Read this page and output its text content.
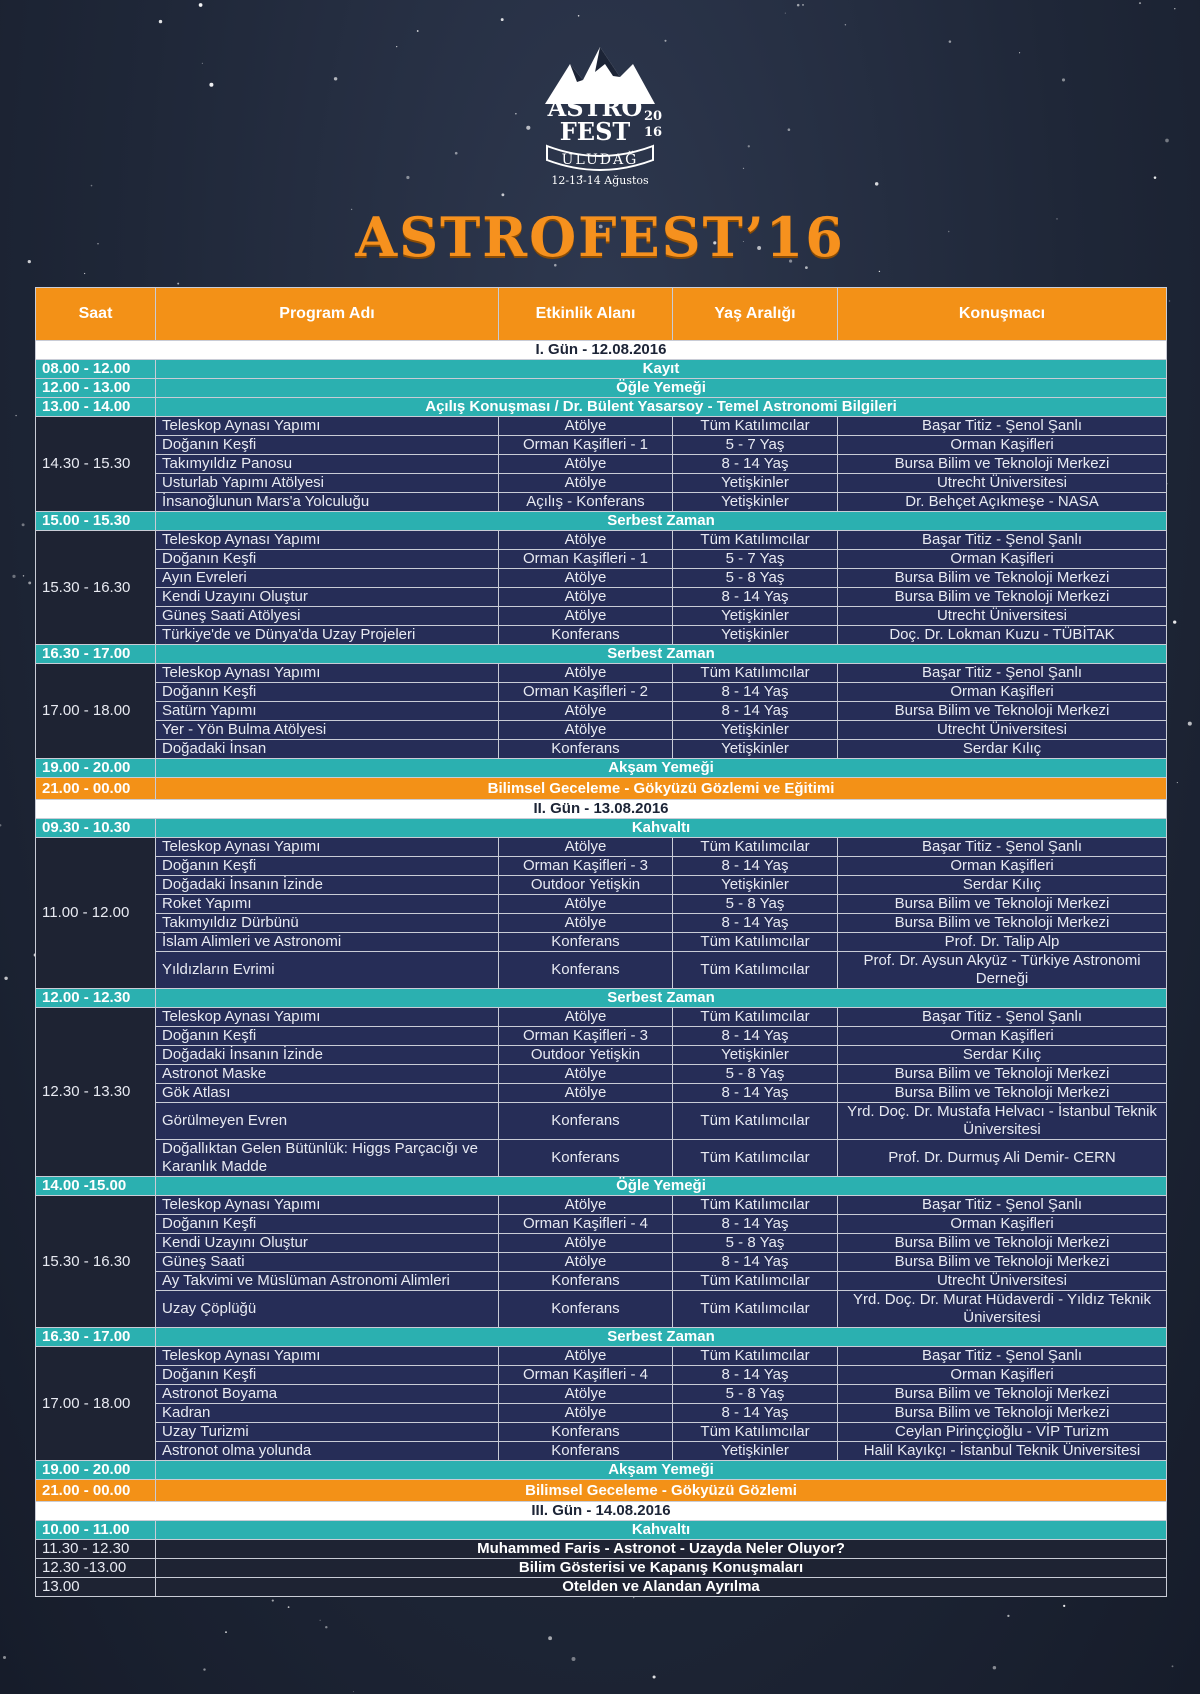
ASTRO
FEST
20
16
ULUDAĞ
12-13-14 Ağustos
ASTROFEST’16
Saat	Program Adı	Etkinlik Alanı	Yaş Aralığı	Konuşmacı
I. Gün - 12.08.2016				
08.00 - 12.00	Kayıt			
12.00 - 13.00	Öğle Yemeği			
13.00 - 14.00	Açılış Konuşması / Dr. Bülent Yasarsoy - Temel Astronomi Bilgileri			
14.30 - 15.30	Teleskop Aynası Yapımı	Atölye	Tüm Katılımcılar	Başar Titiz - Şenol Şanlı
	Doğanın Keşfi	Orman Kaşifleri - 1	5 - 7 Yaş	Orman Kaşifleri
	Takımyıldız Panosu	Atölye	8 - 14 Yaş	Bursa Bilim ve Teknoloji Merkezi
	Usturlab Yapımı Atölyesi	Atölye	Yetişkinler	Utrecht Üniversitesi
	İnsanoğlunun Mars'a Yolculuğu	Açılış - Konferans	Yetişkinler	Dr. Behçet Açıkmeşe - NASA
15.00 - 15.30	Serbest Zaman			
15.30 - 16.30	Teleskop Aynası Yapımı	Atölye	Tüm Katılımcılar	Başar Titiz - Şenol Şanlı
	Doğanın Keşfi	Orman Kaşifleri - 1	5 - 7 Yaş	Orman Kaşifleri
	Ayın Evreleri	Atölye	5 - 8 Yaş	Bursa Bilim ve Teknoloji Merkezi
	Kendi Uzayını Oluştur	Atölye	8 - 14 Yaş	Bursa Bilim ve Teknoloji Merkezi
	Güneş Saati Atölyesi	Atölye	Yetişkinler	Utrecht Üniversitesi
	Türkiye'de ve Dünya'da Uzay Projeleri	Konferans	Yetişkinler	Doç. Dr. Lokman Kuzu - TÜBİTAK
16.30 - 17.00	Serbest Zaman			
17.00 - 18.00	Teleskop Aynası Yapımı	Atölye	Tüm Katılımcılar	Başar Titiz - Şenol Şanlı
	Doğanın Keşfi	Orman Kaşifleri - 2	8 - 14 Yaş	Orman Kaşifleri
	Satürn Yapımı	Atölye	8 - 14 Yaş	Bursa Bilim ve Teknoloji Merkezi
	Yer - Yön Bulma Atölyesi	Atölye	Yetişkinler	Utrecht Üniversitesi
	Doğadaki İnsan	Konferans	Yetişkinler	Serdar Kılıç
19.00 - 20.00	Akşam Yemeği			
21.00 - 00.00	Bilimsel Geceleme - Gökyüzü Gözlemi ve Eğitimi			
II. Gün - 13.08.2016				
09.30 - 10.30	Kahvaltı			
11.00 - 12.00	Teleskop Aynası Yapımı	Atölye	Tüm Katılımcılar	Başar Titiz - Şenol Şanlı
	Doğanın Keşfi	Orman Kaşifleri - 3	8 - 14 Yaş	Orman Kaşifleri
	Doğadaki İnsanın İzinde	Outdoor Yetişkin	Yetişkinler	Serdar Kılıç
	Roket Yapımı	Atölye	5 - 8 Yaş	Bursa Bilim ve Teknoloji Merkezi
	Takımyıldız Dürbünü	Atölye	8 - 14 Yaş	Bursa Bilim ve Teknoloji Merkezi
	İslam Alimleri ve Astronomi	Konferans	Tüm Katılımcılar	Prof. Dr. Talip Alp
	Yıldızların Evrimi	Konferans	Tüm Katılımcılar	Prof. Dr. Aysun Akyüz - Türkiye Astronomi Derneği
12.00 - 12.30	Serbest Zaman			
12.30 - 13.30	Teleskop Aynası Yapımı	Atölye	Tüm Katılımcılar	Başar Titiz - Şenol Şanlı
	Doğanın Keşfi	Orman Kaşifleri - 3	8 - 14 Yaş	Orman Kaşifleri
	Doğadaki İnsanın İzinde	Outdoor Yetişkin	Yetişkinler	Serdar Kılıç
	Astronot Maske	Atölye	5 - 8 Yaş	Bursa Bilim ve Teknoloji Merkezi
	Gök Atlası	Atölye	8 - 14 Yaş	Bursa Bilim ve Teknoloji Merkezi
	Görülmeyen Evren	Konferans	Tüm Katılımcılar	Yrd. Doç. Dr. Mustafa Helvacı - İstanbul Teknik Üniversitesi
	Doğallıktan Gelen Bütünlük: Higgs Parçacığı ve Karanlık Madde	Konferans	Tüm Katılımcılar	Prof. Dr. Durmuş Ali Demir- CERN
14.00 -15.00	Öğle Yemeği			
15.30 - 16.30	Teleskop Aynası Yapımı	Atölye	Tüm Katılımcılar	Başar Titiz - Şenol Şanlı
	Doğanın Keşfi	Orman Kaşifleri - 4	8 - 14 Yaş	Orman Kaşifleri
	Kendi Uzayını Oluştur	Atölye	5 - 8 Yaş	Bursa Bilim ve Teknoloji Merkezi
	Güneş Saati	Atölye	8 - 14 Yaş	Bursa Bilim ve Teknoloji Merkezi
	Ay Takvimi ve Müslüman Astronomi Alimleri	Konferans	Tüm Katılımcılar	Utrecht Üniversitesi
	Uzay Çöplüğü	Konferans	Tüm Katılımcılar	Yrd. Doç. Dr. Murat Hüdaverdi - Yıldız Teknik Üniversitesi
16.30 - 17.00	Serbest Zaman			
17.00 - 18.00	Teleskop Aynası Yapımı	Atölye	Tüm Katılımcılar	Başar Titiz - Şenol Şanlı
	Doğanın Keşfi	Orman Kaşifleri - 4	8 - 14 Yaş	Orman Kaşifleri
	Astronot Boyama	Atölye	5 - 8 Yaş	Bursa Bilim ve Teknoloji Merkezi
	Kadran	Atölye	8 - 14 Yaş	Bursa Bilim ve Teknoloji Merkezi
	Uzay Turizmi	Konferans	Tüm Katılımcılar	Ceylan Pirinççioğlu - VİP Turizm
	Astronot olma yolunda	Konferans	Yetişkinler	Halil Kayıkçı - İstanbul Teknik Üniversitesi
19.00 - 20.00	Akşam Yemeği			
21.00 - 00.00	Bilimsel Geceleme - Gökyüzü Gözlemi			
III. Gün - 14.08.2016				
10.00 - 11.00	Kahvaltı			
11.30 - 12.30	Muhammed Faris - Astronot - Uzayda Neler Oluyor?			
12.30 -13.00	Bilim Gösterisi ve Kapanış Konuşmaları			
13.00	Otelden ve Alandan Ayrılma			
